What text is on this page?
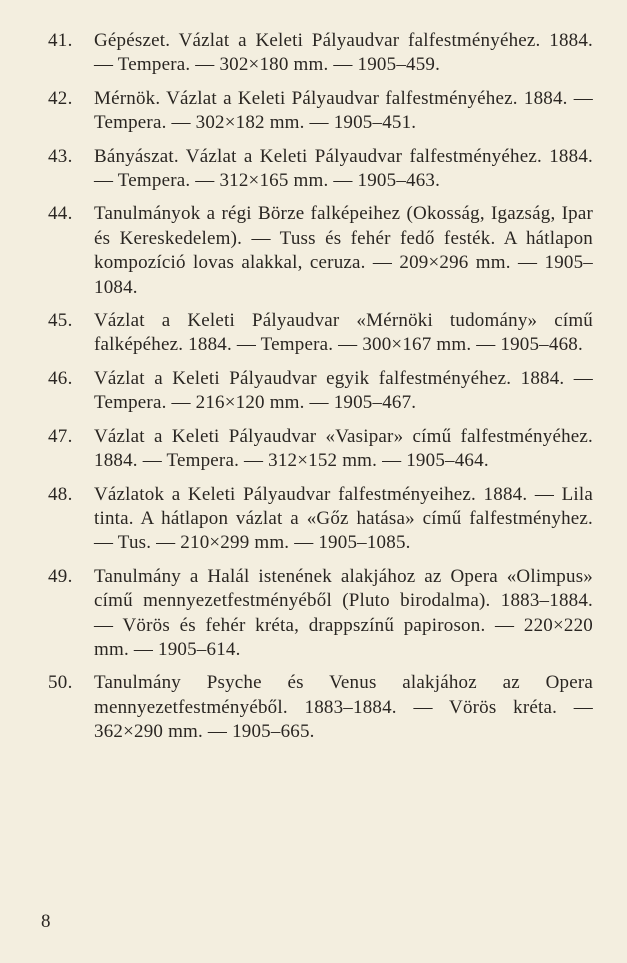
41.	Gépészet. Vázlat a Keleti Pályaudvar falfestményéhez. 1884. — Tempera. — 302×180 mm. — 1905–459.
42.	Mérnök. Vázlat a Keleti Pályaudvar falfestményéhez. 1884. — Tempera. — 302×182 mm. — 1905–451.
43.	Bányászat. Vázlat a Keleti Pályaudvar falfestményéhez. 1884. — Tempera. — 312×165 mm. — 1905–463.
44.	Tanulmányok a régi Börze falképeihez (Okosság, Igazság, Ipar és Kereskedelem). — Tuss és fehér fedő festék. A hátlapon kompozíció lovas alakkal, ceruza. — 209×296 mm. — 1905–1084.
45.	Vázlat a Keleti Pályaudvar «Mérnöki tudomány» című falképéhez. 1884. — Tempera. — 300×167 mm. — 1905–468.
46.	Vázlat a Keleti Pályaudvar egyik falfestményéhez. 1884. — Tempera. — 216×120 mm. — 1905–467.
47.	Vázlat a Keleti Pályaudvar «Vasipar» című falfestményéhez. 1884. — Tempera. — 312×152 mm. — 1905–464.
48.	Vázlatok a Keleti Pályaudvar falfestményeihez. 1884. — Lila tinta. A hátlapon vázlat a «Gőz hatása» című falfestményhez. — Tus. — 210×299 mm. — 1905–1085.
49.	Tanulmány a Halál istenének alakjához az Opera «Olimpus» című mennyezetfestményéből (Pluto birodalma). 1883–1884. — Vörös és fehér kréta, drappszínű papiroson. — 220×220 mm. — 1905–614.
50.	Tanulmány Psyche és Venus alakjához az Opera mennyezetfestményéből. 1883–1884. — Vörös kréta. — 362×290 mm. — 1905–665.
8
